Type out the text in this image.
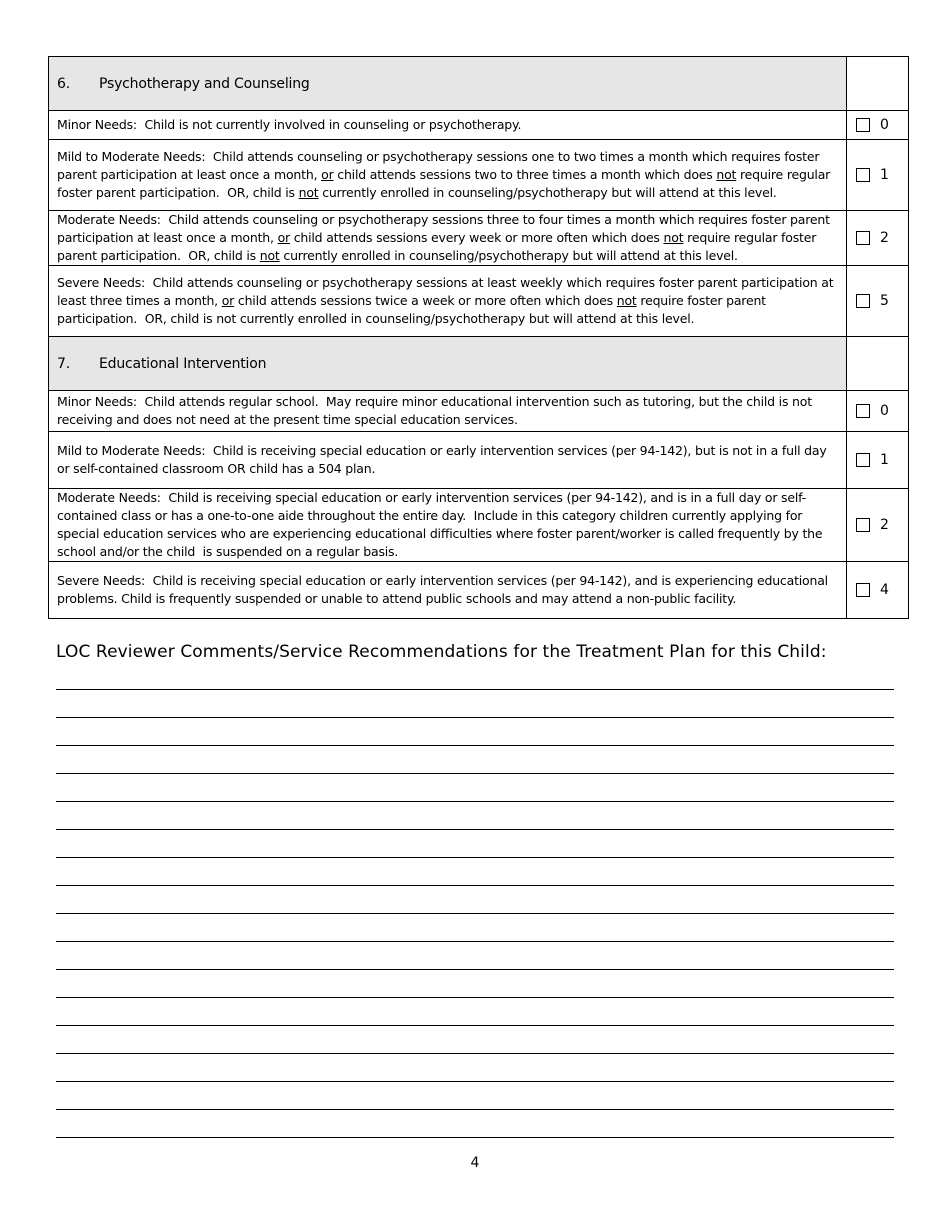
6. Psychotherapy and Counseling	
Minor Needs:  Child is not currently involved in counseling or psychotherapy.	0

Mild to Moderate Needs:  Child attends counseling or psychotherapy sessions one to two times a month which requires foster parent participation at least once a month, or child attends sessions two to three times a month which does not require regular foster parent participation.  OR, child is not currently enrolled in counseling/psychotherapy but will attend at this level.	1

Moderate Needs:  Child attends counseling or psychotherapy sessions three to four times a month which requires foster parent participation at least once a month, or child attends sessions every week or more often which does not require regular foster parent participation.  OR, child is not currently enrolled in counseling/psychotherapy but will attend at this level.	2

Severe Needs:  Child attends counseling or psychotherapy sessions at least weekly which requires foster parent participation at least three times a month, or child attends sessions twice a week or more often which does not require foster parent participation.  OR, child is not currently enrolled in counseling/psychotherapy but will attend at this level.	5

7. Educational Intervention	
Minor Needs:  Child attends regular school.  May require minor educational intervention such as tutoring, but the child is not receiving and does not need at the present time special education services.	0

Mild to Moderate Needs:  Child is receiving special education or early intervention services (per 94-142), but is not in a full day or self-contained classroom OR child has a 504 plan.	1

Moderate Needs:  Child is receiving special education or early intervention services (per 94-142), and is in a full day or self-contained class or has a one-to-one aide throughout the entire day.  Include in this category children currently applying for special education services who are experiencing educational difficulties where foster parent/worker is called frequently by the school and/or the child  is suspended on a regular basis.	2

Severe Needs:  Child is receiving special education or early intervention services (per 94-142), and is experiencing educational problems. Child is frequently suspended or unable to attend public schools and may attend a non-public facility.	4
LOC Reviewer Comments/Service Recommendations for the Treatment Plan for this Child:
4
